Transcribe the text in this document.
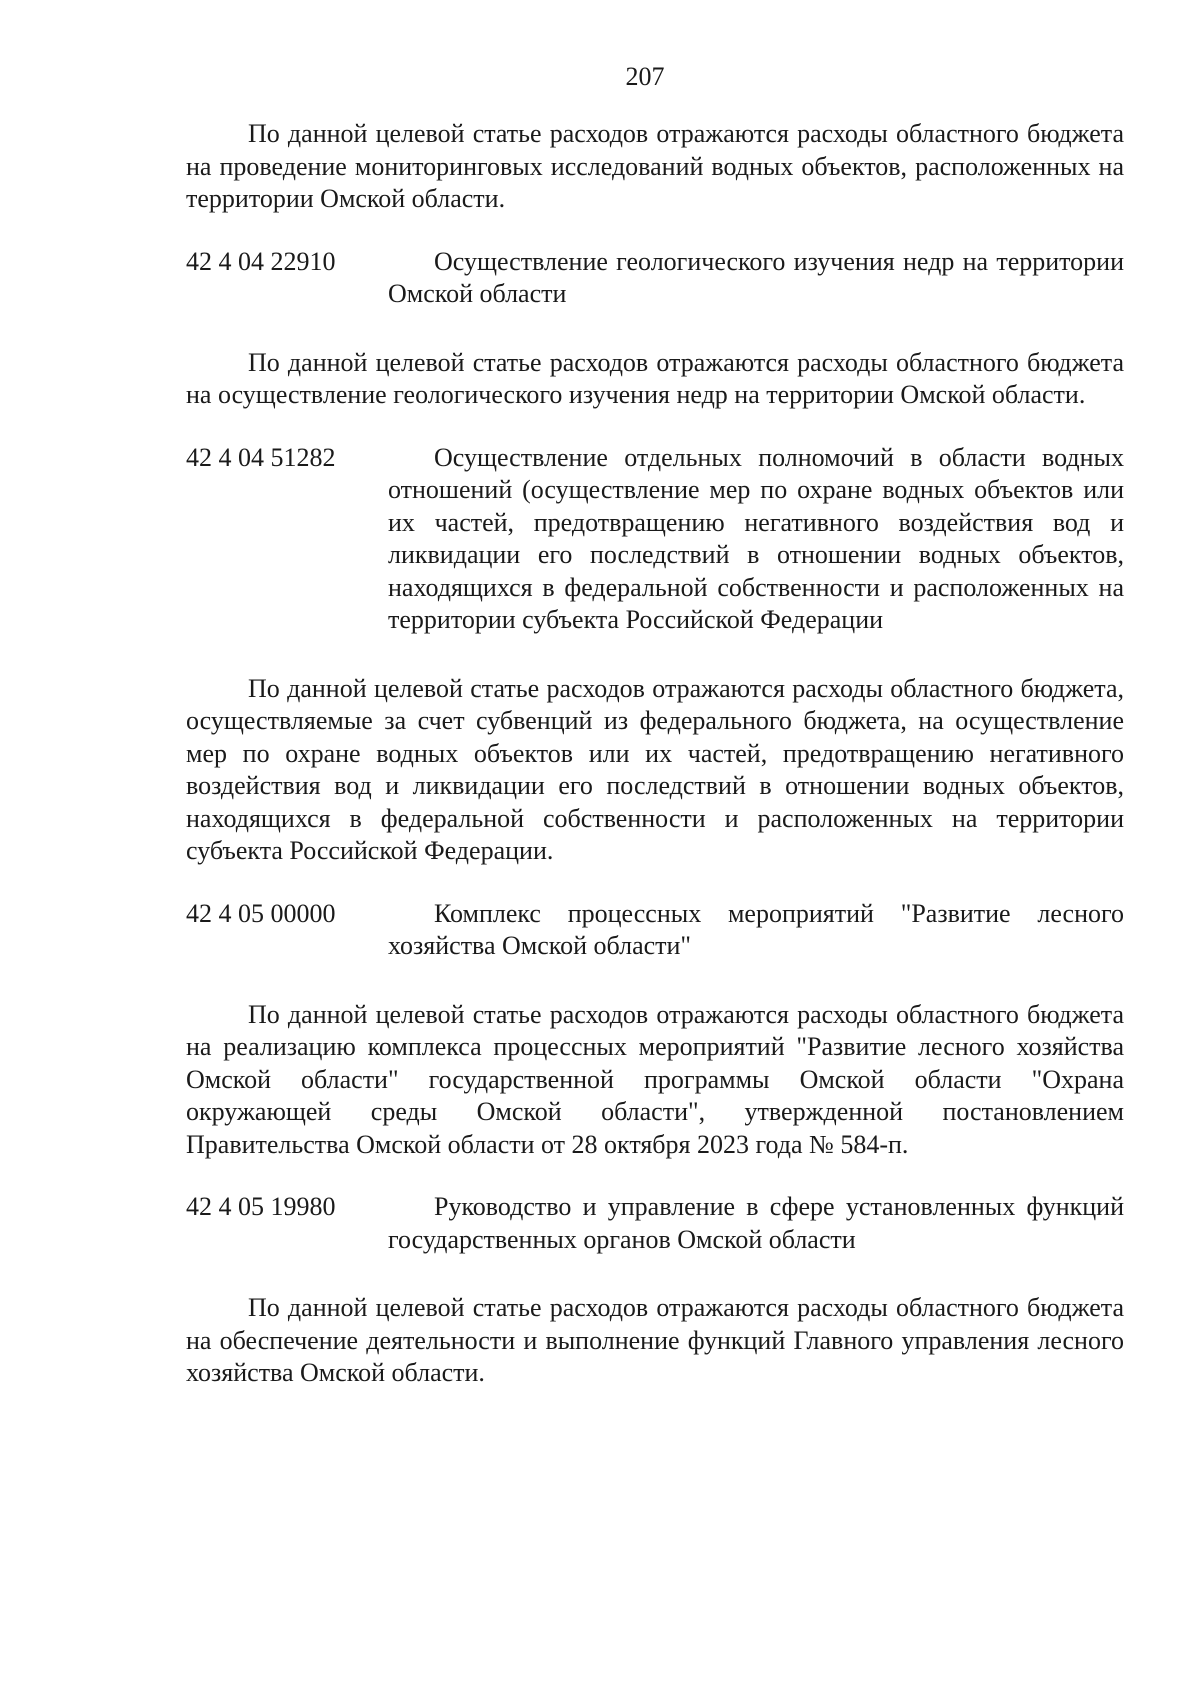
207

По данной целевой статье расходов отражаются расходы областного бюджета на проведение мониторинговых исследований водных объектов, расположенных на территории Омской области.

42 4 04 22910	Осуществление геологического изучения недр на территории Омской области

По данной целевой статье расходов отражаются расходы областного бюджета на осуществление геологического изучения недр на территории Омской области.

42 4 04 51282	Осуществление отдельных полномочий в области водных отношений (осуществление мер по охране водных объектов или их частей, предотвращению негативного воздействия вод и ликвидации его последствий в отношении водных объектов, находящихся в федеральной собственности и расположенных на территории субъекта Российской Федерации

По данной целевой статье расходов отражаются расходы областного бюджета, осуществляемые за счет субвенций из федерального бюджета, на осуществление мер по охране водных объектов или их частей, предотвращению негативного воздействия вод и ликвидации его последствий в отношении водных объектов, находящихся в федеральной собственности и расположенных на территории субъекта Российской Федерации.

42 4 05 00000	Комплекс процессных мероприятий "Развитие лесного хозяйства Омской области"

По данной целевой статье расходов отражаются расходы областного бюджета на реализацию комплекса процессных мероприятий "Развитие лесного хозяйства Омской области" государственной программы Омской области "Охрана окружающей среды Омской области", утвержденной постановлением Правительства Омской области от 28 октября 2023 года № 584-п.

42 4 05 19980	Руководство и управление в сфере установленных функций государственных органов Омской области

По данной целевой статье расходов отражаются расходы областного бюджета на обеспечение деятельности и выполнение функций Главного управления лесного хозяйства Омской области.
